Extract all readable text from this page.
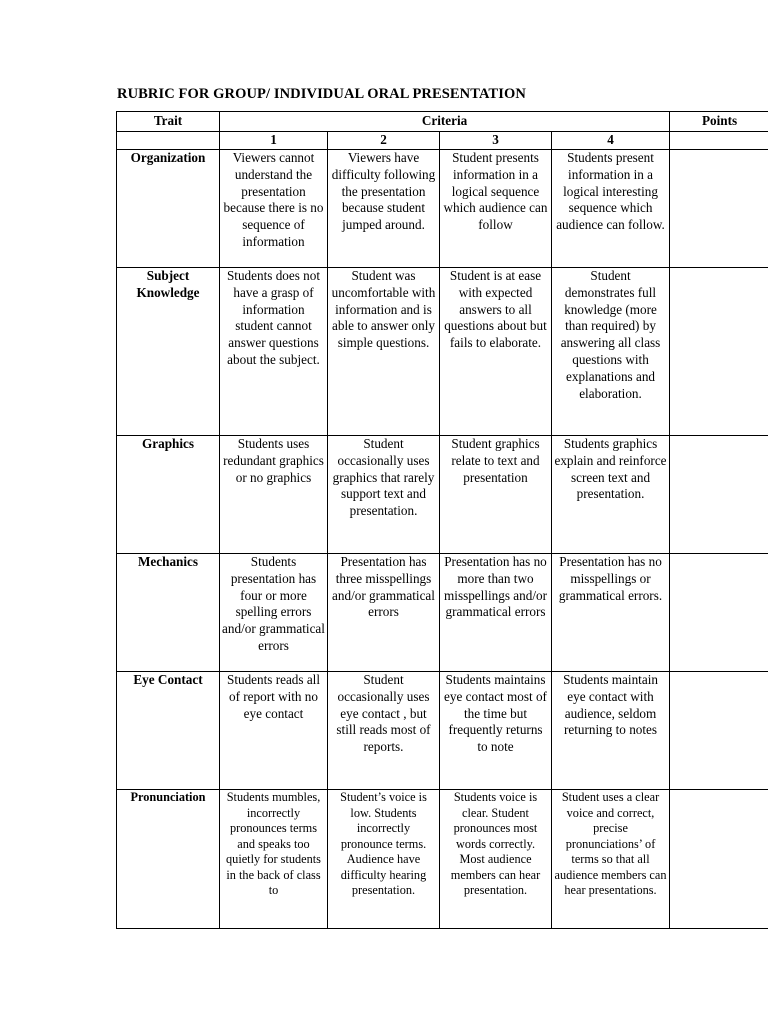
RUBRIC FOR GROUP/ INDIVIDUAL ORAL PRESENTATION
Trait	Criteria				Points
	1	2	3	4	
Organization	Viewers cannot understand the presentation because there is no sequence of information	Viewers have difficulty following the presentation because student jumped around.	Student presents information in a logical sequence which audience can follow	Students present information in a logical interesting sequence which audience can follow.	
Subject Knowledge	Students does not have a grasp of information student cannot answer questions about the subject.	Student was uncomfortable with information and is able to answer only simple questions.	Student is at ease with expected answers to all questions about but fails to elaborate.	Student demonstrates full knowledge (more than required) by answering all class questions with explanations and elaboration.	
Graphics	Students uses redundant graphics or no graphics	Student occasionally uses graphics that rarely support text and presentation.	Student graphics relate to text and presentation	Students graphics explain and reinforce screen text and presentation.	
Mechanics	Students presentation has four or more spelling errors and/or grammatical errors	Presentation has three misspellings and/or grammatical errors	Presentation has no more than two misspellings and/or grammatical errors	Presentation has no misspellings or grammatical errors.	
Eye Contact	Students reads all of report with no eye contact	Student occasionally uses eye contact , but still reads most of reports.	Students maintains eye contact most of the time but frequently returns to note	Students maintain eye contact with audience, seldom returning to notes	
Pronunciation	Students mumbles, incorrectly pronounces terms and speaks too quietly for students in the back of class to	Student’s voice is low. Students incorrectly pronounce terms. Audience have difficulty hearing presentation.	Students voice is clear. Student pronounces most words correctly. Most audience members can hear presentation.	Student uses a clear voice and correct, precise pronunciations’ of terms so that all audience members can hear presentations.	
